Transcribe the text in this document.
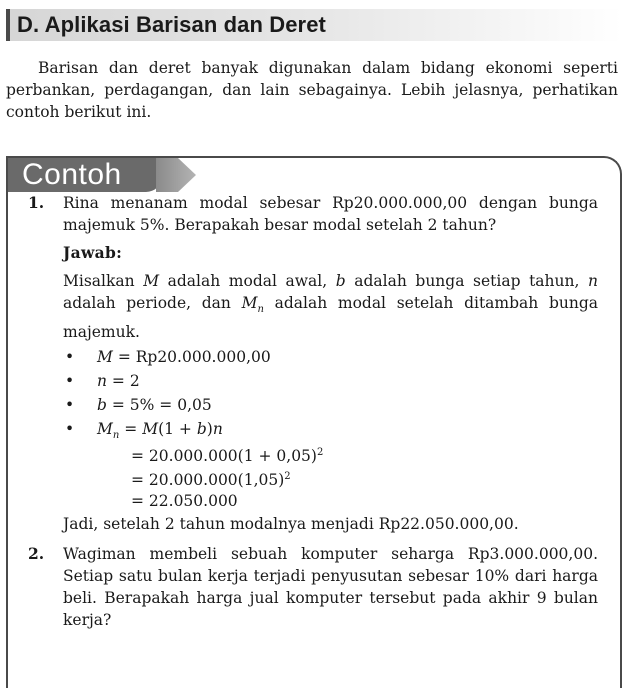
D. Aplikasi Barisan dan Deret

Barisan dan deret banyak digunakan dalam bidang ekonomi seperti perbankan, perdagangan, dan lain sebagainya. Lebih jelasnya, perhatikan contoh berikut ini.

Contoh
1. Rina menanam modal sebesar Rp20.000.000,00 dengan bunga majemuk 5%. Berapakah besar modal setelah 2 tahun?

Jawab:

Misalkan M adalah modal awal, b adalah bunga setiap tahun, n adalah periode, dan $M_n$ adalah modal setelah ditambah bunga majemuk.

• M = Rp20.000.000,00
• n = 2
• b = 5% = 0,05
• $M_n = M(1 + b)n$
= $20.000.000(1 + 0,05)^2$
= $20.000.000(1,05)^2$
= 22.050.000

Jadi, setelah 2 tahun modalnya menjadi Rp22.050.000,00.

2. Wagiman membeli sebuah komputer seharga Rp3.000.000,00. Setiap satu bulan kerja terjadi penyusutan sebesar 10% dari harga beli. Berapakah harga jual komputer tersebut pada akhir 9 bulan kerja?
